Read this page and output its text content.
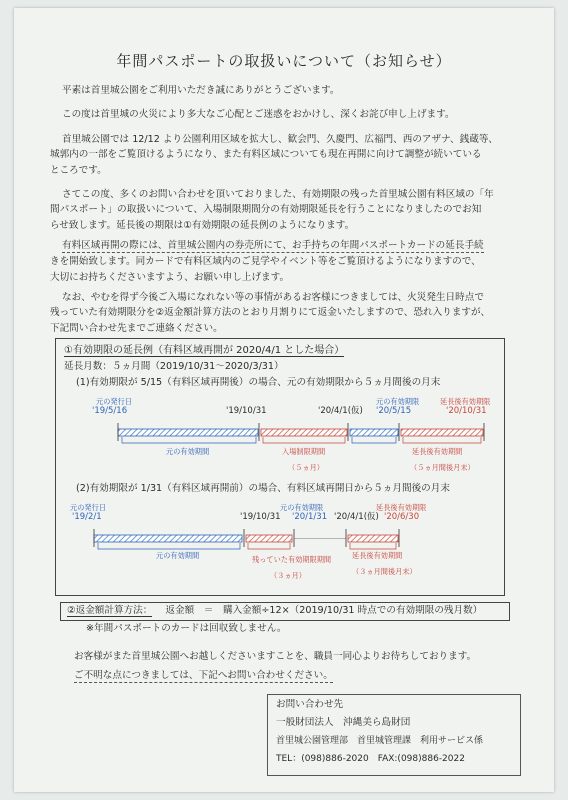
年間パスポートの取扱いについて（お知らせ）
平素は首里城公園をご利用いただき誠にありがとうございます。
この度は首里城の火災により多大なご心配とご迷惑をおかけし、深くお詫び申し上げます。
首里城公園では 12/12 より公園利用区域を拡大し、歓会門、久慶門、広福門、西のアザナ、銭蔵等、
城郭内の一部をご覧頂けるようになり、また有料区域についても現在再開に向けて調整が続いている
ところです。
さてこの度、多くのお問い合わせを頂いておりました、有効期限の残った首里城公園有料区域の「年
間パスポート」の取扱いについて、入場制限期間分の有効期限延長を行うことになりましたのでお知
らせ致します。延長後の期限は①有効期限の延長例のようになります。
有料区域再開の際には、首里城公園内の券売所にて、お手持ちの年間パスポートカードの延長手続
きを開始致します。同カードで有料区域内のご見学やイベント等をご覧頂けるようになりますので、
大切にお持ちくださいますよう、お願い申し上げます。
なお、やむを得ず今後ご入場になれない等の事情があるお客様につきましては、火災発生日時点で
残っていた有効期限分を②返金額計算方法のとおり月割りにて返金いたしますので、恐れ入りますが、
下記問い合わせ先までご連絡ください。
①有効期限の延長例（有料区域再開が 2020/4/1 とした場合）
延長月数：５ヵ月間（2019/10/31～2020/3/31）
(1)有効期限が 5/15（有料区域再開後）の場合、元の有効期限から５ヵ月間後の月末
元の発行日
'19/5/16	'19/10/31	'20/4/1(仮)
元の有効期限
'20/5/15
延長後有効期限
'20/10/31
元の有効期間	入場制限期間
（５ヵ月）
延長後有効期間
（５ヵ月間後月末）
(2)有効期限が 1/31（有料区域再開前）の場合、有料区域再開日から５ヵ月間後の月末
元の発行日
'19/2/1	'19/10/31
元の有効期限
'20/1/31 '20/4/1(仮)
延長後有効期限
'20/6/30
元の有効期間	残っていた有効期限期間
（３ヵ月）
延長後有効期間
（３ヵ月間後月末）
②返金額計算方法： 返金額　＝　購入金額÷12×（2019/10/31 時点での有効期限の残月数）
※年間パスポートのカードは回収致しません。
お客様がまた首里城公園へお越しくださいますことを、職員一同心よりお待ちしております。
ご不明な点につきましては、下記へお問い合わせください。
お問い合わせ先
一般財団法人　沖縄美ら島財団
首里城公園管理部　首里城管理課　利用サービス係
TEL：(098)886-2020　FAX:(098)886-2022
